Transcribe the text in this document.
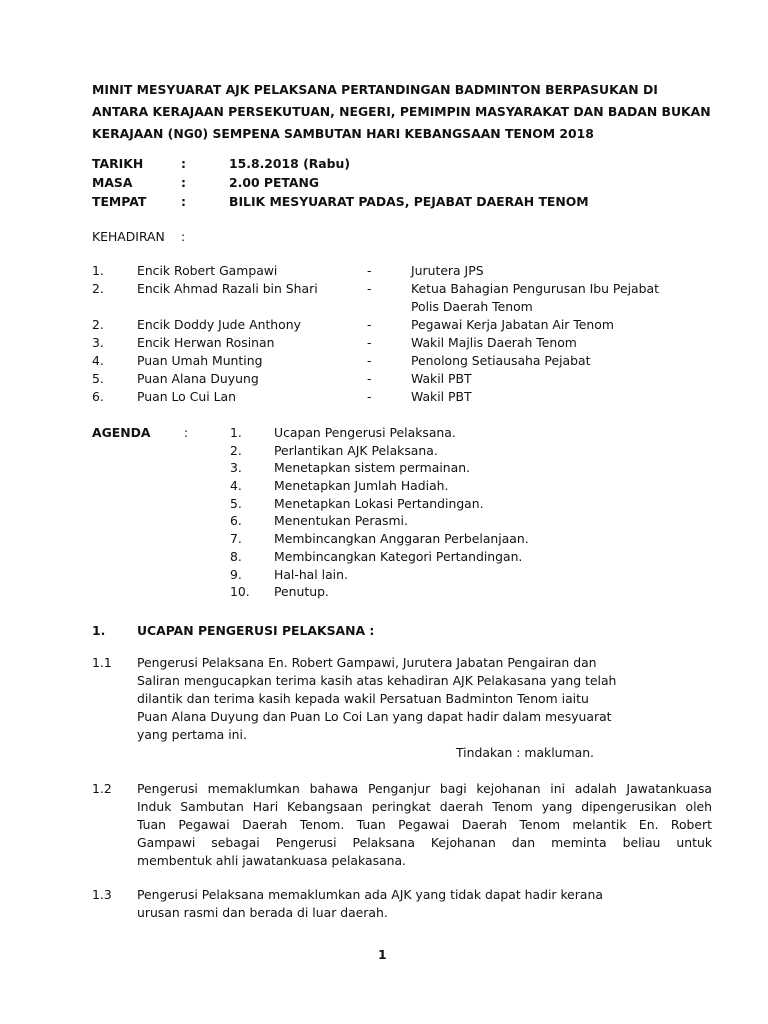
MINIT MESYUARAT AJK PELAKSANA PERTANDINGAN BADMINTON BERPASUKAN DI
ANTARA KERAJAAN PERSEKUTUAN, NEGERI, PEMIMPIN MASYARAKAT DAN BADAN BUKAN
KERAJAAN (NG0) SEMPENA SAMBUTAN HARI KEBANGSAAN TENOM 2018
TARIKH	:	15.8.2018 (Rabu)
MASA	:	2.00 PETANG
TEMPAT	:	BILIK MESYUARAT PADAS, PEJABAT DAERAH TENOM
KEHADIRAN :
1.	Encik Robert Gampawi	-	Jurutera JPS
2.	Encik Ahmad Razali bin Shari	-	Ketua Bahagian Pengurusan Ibu Pejabat
Polis Daerah Tenom
2.	Encik Doddy Jude Anthony	-	Pegawai Kerja Jabatan Air Tenom
3.	Encik Herwan Rosinan	-	Wakil Majlis Daerah Tenom
4.	Puan Umah Munting	-	Penolong Setiausaha Pejabat
5.	Puan Alana Duyung	-	Wakil PBT
6.	Puan Lo Cui Lan	-	Wakil PBT
AGENDA	:	1.	Ucapan Pengerusi Pelaksana.
2.	Perlantikan AJK Pelaksana.
3.	Menetapkan sistem permainan.
4.	Menetapkan Jumlah Hadiah.
5.	Menetapkan Lokasi Pertandingan.
6.	Menentukan Perasmi.
7.	Membincangkan Anggaran Perbelanjaan.
8.	Membincangkan Kategori Pertandingan.
9.	Hal-hal lain.
10. Penutup.
1.	UCAPAN PENGERUSI PELAKSANA :
1.1 Pengerusi Pelaksana En. Robert Gampawi, Jurutera Jabatan Pengairan dan
Saliran mengucapkan terima kasih atas kehadiran AJK Pelakasana yang telah
dilantik dan terima kasih kepada wakil Persatuan Badminton Tenom iaitu
Puan Alana Duyung dan Puan Lo Coi Lan yang dapat hadir dalam mesyuarat
yang pertama ini.
Tindakan : makluman.
1.2 Pengerusi memaklumkan bahawa Penganjur bagi kejohanan ini adalah Jawatankuasa
Induk Sambutan Hari Kebangsaan peringkat daerah Tenom yang dipengerusikan oleh
Tuan Pegawai Daerah Tenom. Tuan Pegawai Daerah Tenom melantik En. Robert
Gampawi sebagai Pengerusi Pelaksana Kejohanan dan meminta beliau untuk
membentuk ahli jawatankuasa pelakasana.
1.3 Pengerusi Pelaksana memaklumkan ada AJK yang tidak dapat hadir kerana
urusan rasmi dan berada di luar daerah.
1
